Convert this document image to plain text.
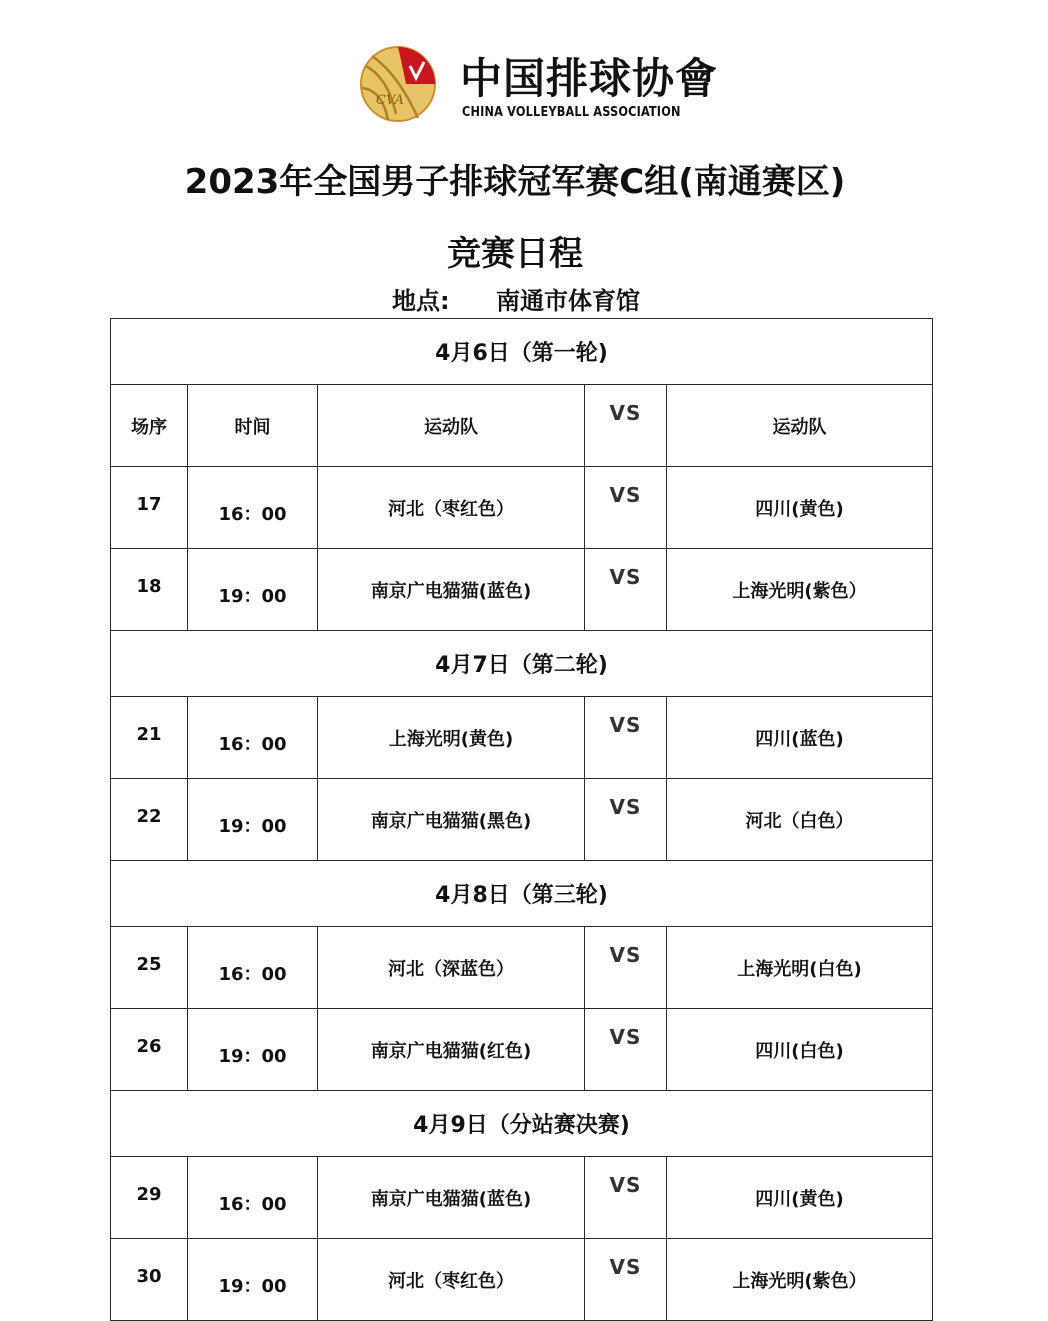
CVA 中国排球协會
CHINA VOLLEYBALL ASSOCIATION
2023年全国男子排球冠军赛C组(南通赛区)
竞赛日程
地点: 南通市体育馆
4月6日（第一轮)				
场序	时间	运动队	VS	运动队
17	16：00	河北（枣红色）	VS	四川(黄色)
18	19：00	南京广电猫猫(蓝色)	VS	上海光明(紫色）
4月7日（第二轮)				
21	16：00	上海光明(黄色)	VS	四川(蓝色)
22	19：00	南京广电猫猫(黑色)	VS	河北（白色）
4月8日（第三轮)				
25	16：00	河北（深蓝色）	VS	上海光明(白色)
26	19：00	南京广电猫猫(红色)	VS	四川(白色)
4月9日（分站赛决赛)				
29	16：00	南京广电猫猫(蓝色)	VS	四川(黄色)
30	19：00	河北（枣红色）	VS	上海光明(紫色）
